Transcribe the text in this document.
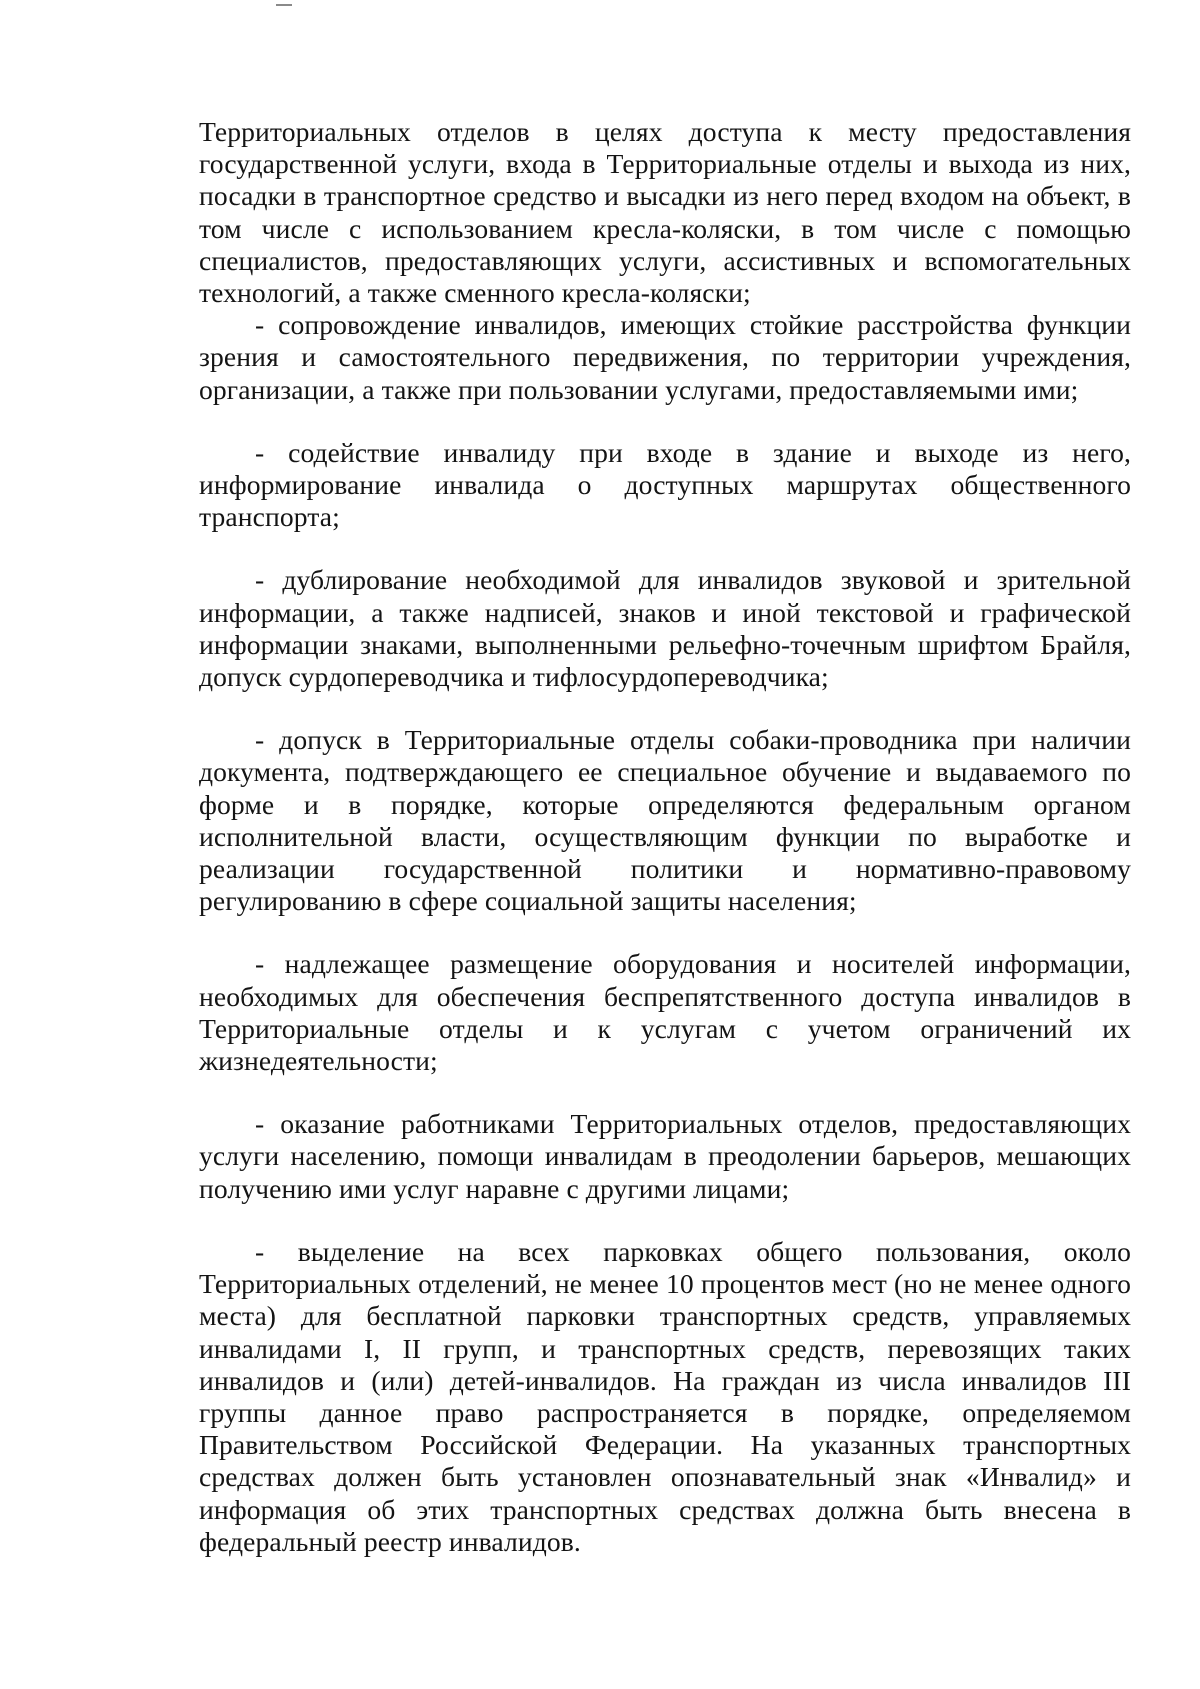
Территориальных отделов в целях доступа к месту предоставления государственной услуги, входа в Территориальные отделы и выхода из них, посадки в транспортное средство и высадки из него перед входом на объект, в том числе с использованием кресла-коляски, в том числе с помощью специалистов, предоставляющих услуги, ассистивных и вспомогательных технологий, а также сменного кресла-коляски;

- сопровождение инвалидов, имеющих стойкие расстройства функции зрения и самостоятельного передвижения, по территории учреждения, организации, а также при пользовании услугами, предоставляемыми ими;

- содействие инвалиду при входе в здание и выходе из него, информирование инвалида о доступных маршрутах общественного транспорта;

- дублирование необходимой для инвалидов звуковой и зрительной информации, а также надписей, знаков и иной текстовой и графической информации знаками, выполненными рельефно-точечным шрифтом Брайля, допуск сурдопереводчика и тифлосурдопереводчика;

- допуск в Территориальные отделы собаки-проводника при наличии документа, подтверждающего ее специальное обучение и выдаваемого по форме и в порядке, которые определяются федеральным органом исполнительной власти, осуществляющим функции по выработке и реализации государственной политики и нормативно-правовому регулированию в сфере социальной защиты населения;

- надлежащее размещение оборудования и носителей информации, необходимых для обеспечения беспрепятственного доступа инвалидов в Территориальные отделы и к услугам с учетом ограничений их жизнедеятельности;

- оказание работниками Территориальных отделов, предоставляющих услуги населению, помощи инвалидам в преодолении барьеров, мешающих получению ими услуг наравне с другими лицами;

- выделение на всех парковках общего пользования, около Территориальных отделений, не менее 10 процентов мест (но не менее одного места) для бесплатной парковки транспортных средств, управляемых инвалидами I, II групп, и транспортных средств, перевозящих таких инвалидов и (или) детей-инвалидов. На граждан из числа инвалидов III группы данное право распространяется в порядке, определяемом Правительством Российской Федерации. На указанных транспортных средствах должен быть установлен опознавательный знак «Инвалид» и информация об этих транспортных средствах должна быть внесена в федеральный реестр инвалидов.
